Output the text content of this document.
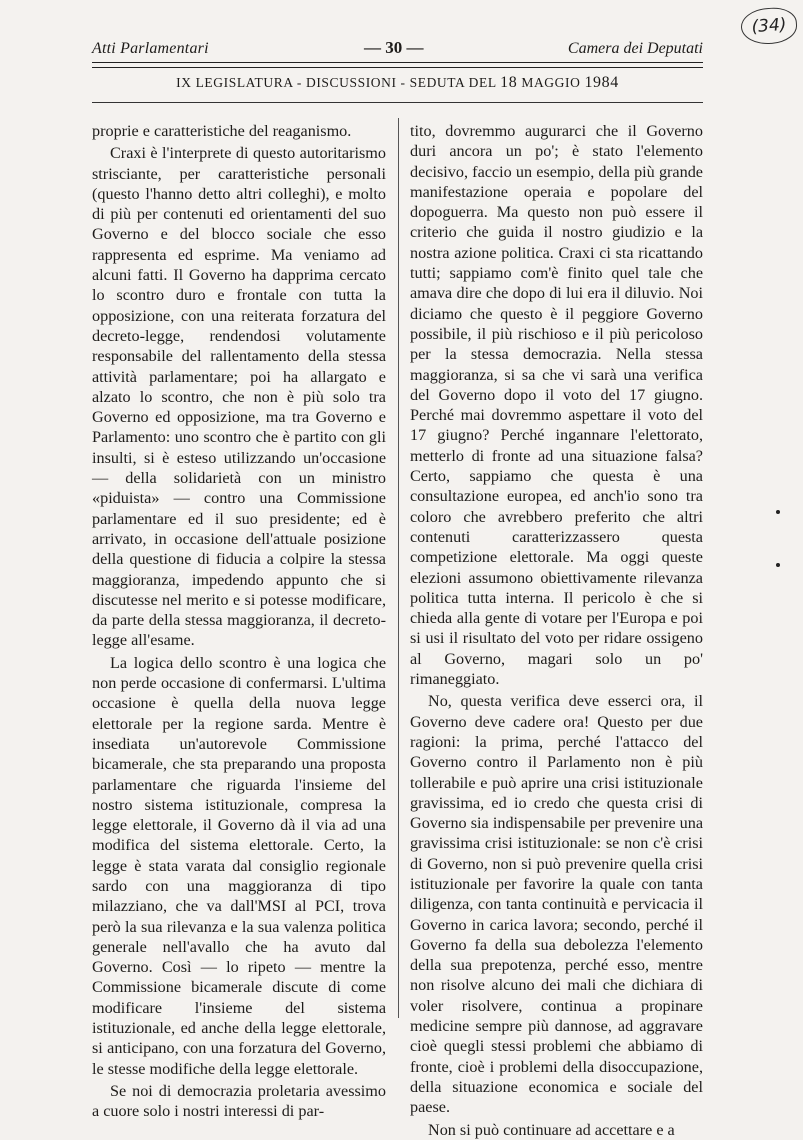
Atti Parlamentari	— 30 —	Camera dei Deputati
(34)
IX LEGISLATURA - DISCUSSIONI - SEDUTA DEL 18 MAGGIO 1984

proprie e caratteristiche del reaganismo.

Craxi è l'interprete di questo autoritarismo strisciante, per caratteristiche personali (questo l'hanno detto altri colleghi), e molto di più per contenuti ed orientamenti del suo Governo e del blocco sociale che esso rappresenta ed esprime. Ma veniamo ad alcuni fatti. Il Governo ha dapprima cercato lo scontro duro e frontale con tutta la opposizione, con una reiterata forzatura del decreto-legge, rendendosi volutamente responsabile del rallentamento della stessa attività parlamentare; poi ha allargato e alzato lo scontro, che non è più solo tra Governo ed opposizione, ma tra Governo e Parlamento: uno scontro che è partito con gli insulti, si è esteso utilizzando un'occasione — della solidarietà con un ministro «piduista» — contro una Commissione parlamentare ed il suo presidente; ed è arrivato, in occasione dell'attuale posizione della questione di fiducia a colpire la stessa maggioranza, impedendo appunto che si discutesse nel merito e si potesse modificare, da parte della stessa maggioranza, il decreto-legge all'esame.

La logica dello scontro è una logica che non perde occasione di confermarsi. L'ultima occasione è quella della nuova legge elettorale per la regione sarda. Mentre è insediata un'autorevole Commissione bicamerale, che sta preparando una proposta parlamentare che riguarda l'insieme del nostro sistema istituzionale, compresa la legge elettorale, il Governo dà il via ad una modifica del sistema elettorale. Certo, la legge è stata varata dal consiglio regionale sardo con una maggioranza di tipo milazziano, che va dall'MSI al PCI, trova però la sua rilevanza e la sua valenza politica generale nell'avallo che ha avuto dal Governo. Così — lo ripeto — mentre la Commissione bicamerale discute di come modificare l'insieme del sistema istituzionale, ed anche della legge elettorale, si anticipano, con una forzatura del Governo, le stesse modifiche della legge elettorale.

Se noi di democrazia proletaria avessimo a cuore solo i nostri interessi di par-

tito, dovremmo augurarci che il Governo duri ancora un po'; è stato l'elemento decisivo, faccio un esempio, della più grande manifestazione operaia e popolare del dopoguerra. Ma questo non può essere il criterio che guida il nostro giudizio e la nostra azione politica. Craxi ci sta ricattando tutti; sappiamo com'è finito quel tale che amava dire che dopo di lui era il diluvio. Noi diciamo che questo è il peggiore Governo possibile, il più rischioso e il più pericoloso per la stessa democrazia. Nella stessa maggioranza, si sa che vi sarà una verifica del Governo dopo il voto del 17 giugno. Perché mai dovremmo aspettare il voto del 17 giugno? Perché ingannare l'elettorato, metterlo di fronte ad una situazione falsa? Certo, sappiamo che questa è una consultazione europea, ed anch'io sono tra coloro che avrebbero preferito che altri contenuti caratterizzassero questa competizione elettorale. Ma oggi queste elezioni assumono obiettivamente rilevanza politica tutta interna. Il pericolo è che si chieda alla gente di votare per l'Europa e poi si usi il risultato del voto per ridare ossigeno al Governo, magari solo un po' rimaneggiato.

No, questa verifica deve esserci ora, il Governo deve cadere ora! Questo per due ragioni: la prima, perché l'attacco del Governo contro il Parlamento non è più tollerabile e può aprire una crisi istituzionale gravissima, ed io credo che questa crisi di Governo sia indispensabile per prevenire una gravissima crisi istituzionale: se non c'è crisi di Governo, non si può prevenire quella crisi istituzionale per favorire la quale con tanta diligenza, con tanta continuità e pervicacia il Governo in carica lavora; secondo, perché il Governo fa della sua debolezza l'elemento della sua prepotenza, perché esso, mentre non risolve alcuno dei mali che dichiara di voler risolvere, continua a propinare medicine sempre più dannose, ad aggravare cioè quegli stessi problemi che abbiamo di fronte, cioè i problemi della disoccupazione, della situazione economica e sociale del paese.

Non si può continuare ad accettare e a
